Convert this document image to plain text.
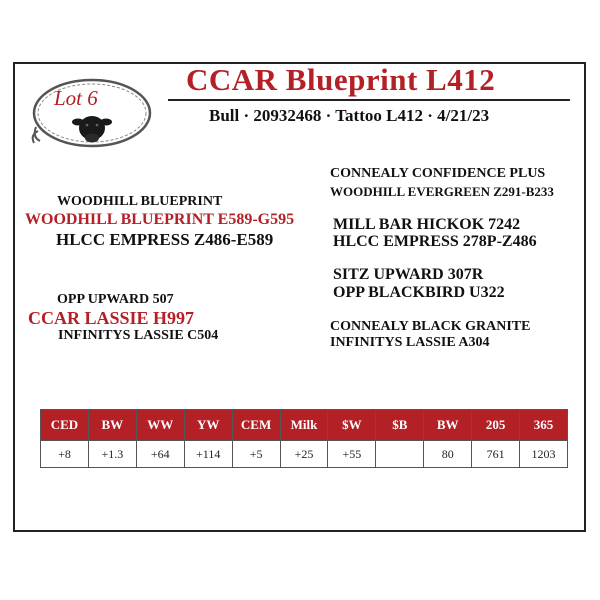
Lot 6
CCAR Blueprint L412
Bull · 20932468 · Tattoo L412 · 4/21/23
CONNEALY CONFIDENCE PLUS
WOODHILL EVERGREEN Z291-B233
MILL BAR HICKOK 7242
HLCC EMPRESS 278P-Z486
SITZ UPWARD 307R
OPP BLACKBIRD U322
CONNEALY BLACK GRANITE
INFINITYS LASSIE A304
WOODHILL BLUEPRINT
WOODHILL BLUEPRINT E589-G595
HLCC EMPRESS Z486-E589
OPP UPWARD 507
CCAR LASSIE H997
INFINITYS LASSIE C504
CED	BW	WW	YW	CEM	Milk	$W	$B	BW	205	365
+8	+1.3	+64	+114	+5	+25	+55		80	761	1203
